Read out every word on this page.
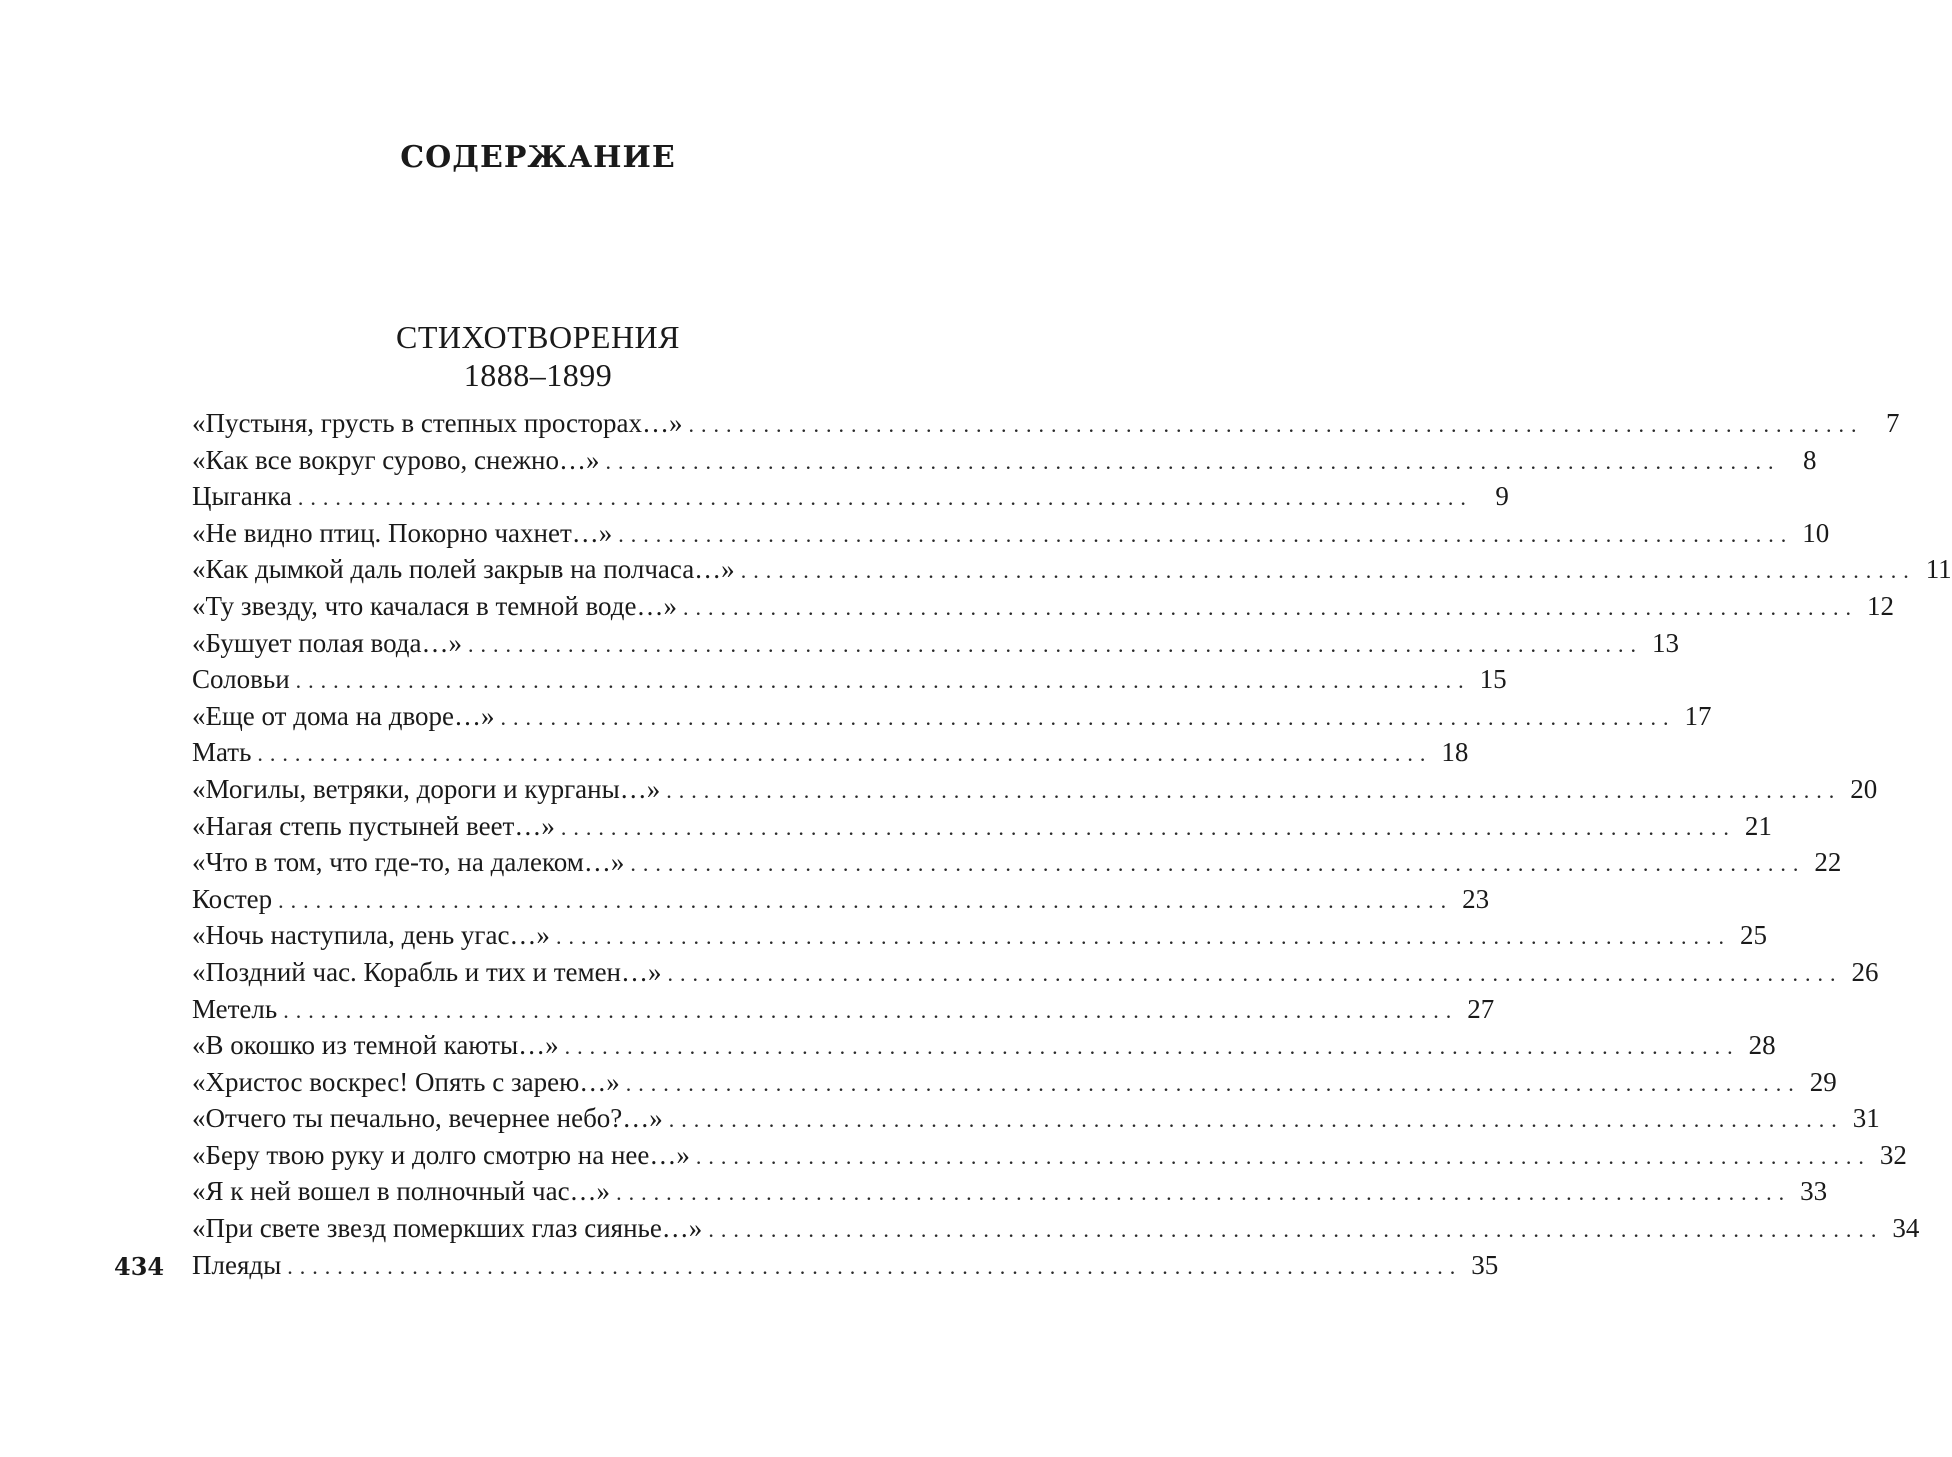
СОДЕРЖАНИЕ
СТИХОТВОРЕНИЯ
1888–1899
«Пустыня, грусть в степных просторах…» .............................................................................................. 7
«Как все вокруг сурово, снежно…» .............................................................................................. 8
Цыганка .............................................................................................. 9
«Не видно птиц. Покорно чахнет…» .............................................................................................. 10
«Как дымкой даль полей закрыв на полчаса…» .............................................................................................. 11
«Ту звезду, что качалася в темной воде…» .............................................................................................. 12
«Бушует полая вода…» .............................................................................................. 13
Соловьи .............................................................................................. 15
«Еще от дома на дворе…» .............................................................................................. 17
Мать .............................................................................................. 18
«Могилы, ветряки, дороги и курганы…» .............................................................................................. 20
«Нагая степь пустыней веет…» .............................................................................................. 21
«Что в том, что где-то, на далеком…» .............................................................................................. 22
Костер .............................................................................................. 23
«Ночь наступила, день угас…» .............................................................................................. 25
«Поздний час. Корабль и тих и темен…» .............................................................................................. 26
Метель .............................................................................................. 27
«В окошко из темной каюты…» .............................................................................................. 28
«Христос воскрес! Опять с зарею…» .............................................................................................. 29
«Отчего ты печально, вечернее небо?…» .............................................................................................. 31
«Беру твою руку и долго смотрю на нее…» .............................................................................................. 32
«Я к ней вошел в полночный час…» .............................................................................................. 33
«При свете звезд померкших глаз сиянье…» .............................................................................................. 34
Плеяды .............................................................................................. 35
434
